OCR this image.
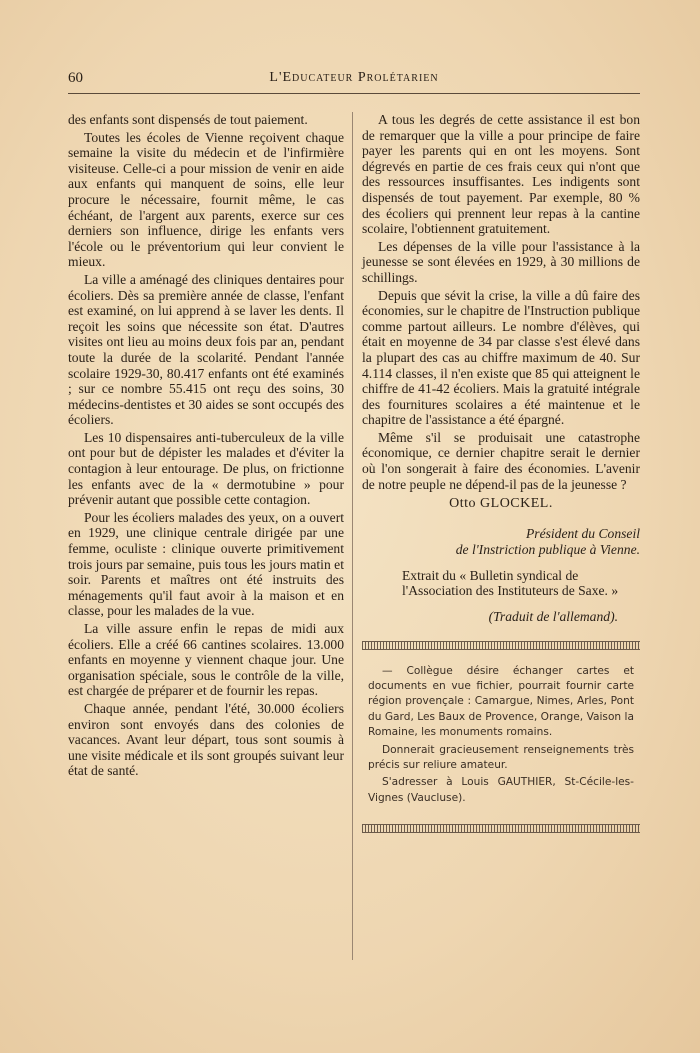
60	L'Educateur Prolétarien

des enfants sont dispensés de tout paiement.

Toutes les écoles de Vienne reçoivent chaque semaine la visite du médecin et de l'infirmière visiteuse. Celle-ci a pour mission de venir en aide aux enfants qui manquent de soins, elle leur procure le nécessaire, fournit même, le cas échéant, de l'argent aux parents, exerce sur ces derniers son influence, dirige les enfants vers l'école ou le préventorium qui leur convient le mieux.

La ville a aménagé des cliniques dentaires pour écoliers. Dès sa première année de classe, l'enfant est examiné, on lui apprend à se laver les dents. Il reçoit les soins que nécessite son état. D'autres visites ont lieu au moins deux fois par an, pendant toute la durée de la scolarité. Pendant l'année scolaire 1929-30, 80.417 enfants ont été examinés ; sur ce nombre 55.415 ont reçu des soins, 30 médecins-dentistes et 30 aides se sont occupés des écoliers.

Les 10 dispensaires anti-tuberculeux de la ville ont pour but de dépister les malades et d'éviter la contagion à leur entourage. De plus, on frictionne les enfants avec de la « dermotubine » pour prévenir autant que possible cette contagion.

Pour les écoliers malades des yeux, on a ouvert en 1929, une clinique centrale dirigée par une femme, oculiste : clinique ouverte primitivement trois jours par semaine, puis tous les jours matin et soir. Parents et maîtres ont été instruits des ménagements qu'il faut avoir à la maison et en classe, pour les malades de la vue.

La ville assure enfin le repas de midi aux écoliers. Elle a créé 66 cantines scolaires. 13.000 enfants en moyenne y viennent chaque jour. Une organisation spéciale, sous le contrôle de la ville, est chargée de préparer et de fournir les repas.

Chaque année, pendant l'été, 30.000 écoliers environ sont envoyés dans des colonies de vacances. Avant leur départ, tous sont soumis à une visite médicale et ils sont groupés suivant leur état de santé.

A tous les degrés de cette assistance il est bon de remarquer que la ville a pour principe de faire payer les parents qui en ont les moyens. Sont dégrevés en partie de ces frais ceux qui n'ont que des ressources insuffisantes. Les indigents sont dispensés de tout payement. Par exemple, 80 % des écoliers qui prennent leur repas à la cantine scolaire, l'obtiennent gratuitement.

Les dépenses de la ville pour l'assistance à la jeunesse se sont élevées en 1929, à 30 millions de schillings.

Depuis que sévit la crise, la ville a dû faire des économies, sur le chapitre de l'Instruction publique comme partout ailleurs. Le nombre d'élèves, qui était en moyenne de 34 par classe s'est élevé dans la plupart des cas au chiffre maximum de 40. Sur 4.114 classes, il n'en existe que 85 qui atteignent le chiffre de 41-42 écoliers. Mais la gratuité intégrale des fournitures scolaires a été maintenue et le chapitre de l'assistance a été épargné.

Même s'il se produisait une catastrophe économique, ce dernier chapitre serait le dernier où l'on songerait à faire des économies. L'avenir de notre peuple ne dépend-il pas de la jeunesse ?

Otto GLOCKEL.

Président du Conseil

de l'Instriction publique à Vienne.

Extrait du « Bulletin syndical de l'Association des Instituteurs de Saxe. »

(Traduit de l'allemand).

— Collègue désire échanger cartes et documents en vue fichier, pourrait fournir carte région provençale : Camargue, Nimes, Arles, Pont du Gard, Les Baux de Provence, Orange, Vaison la Romaine, les monuments romains.

Donnerait gracieusement renseignements très précis sur reliure amateur.

S'adresser à Louis GAUTHIER, St-Cécile-les-Vignes (Vaucluse).
